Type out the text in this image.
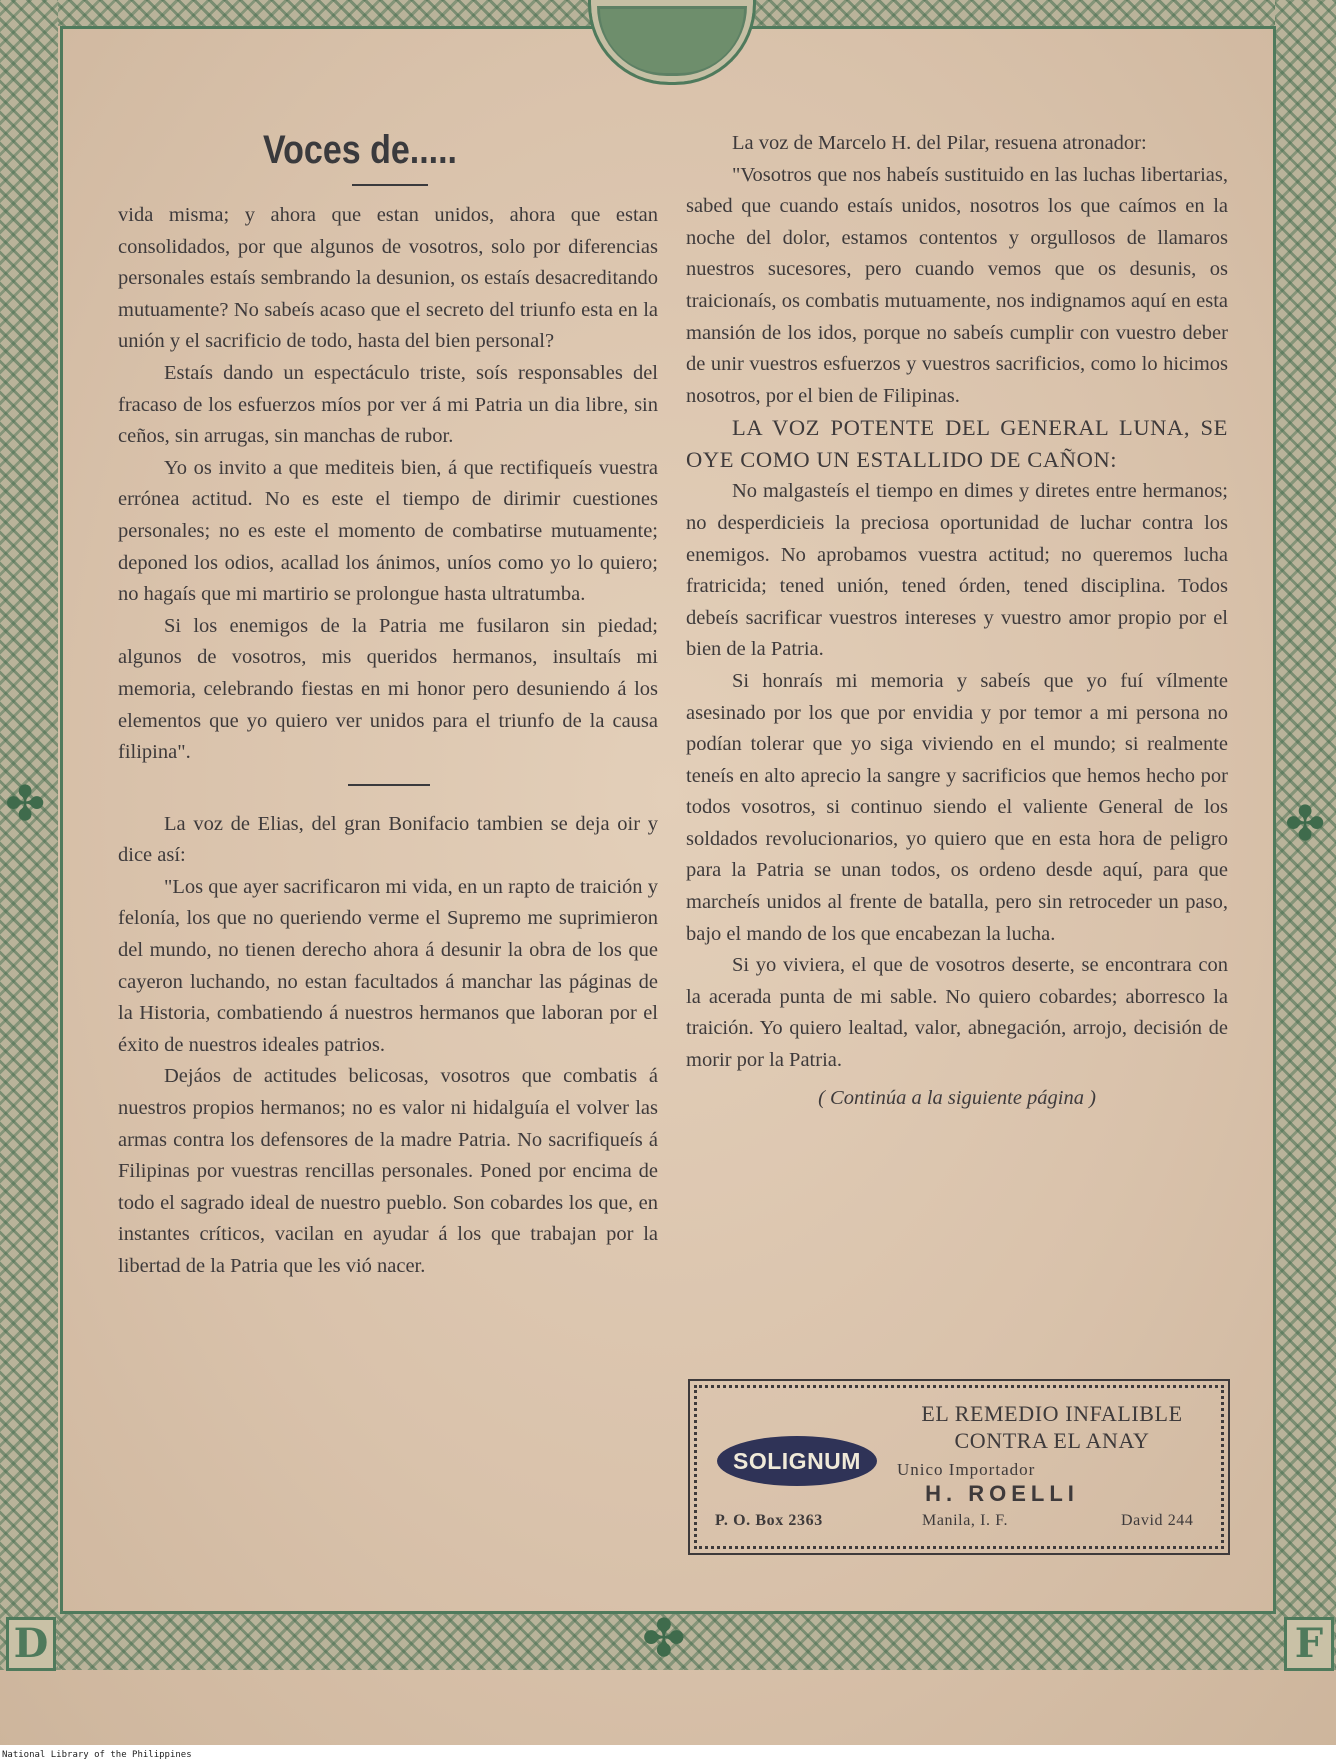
D	F
✤	✤
✤
Voces de.....

vida misma; y ahora que estan unidos, ahora que estan consolidados, por que algunos de vosotros, solo por diferencias personales estaís sembrando la desunion, os estaís desacreditando mutuamente? No sabeís acaso que el secreto del triunfo esta en la unión y el sacrificio de todo, hasta del bien personal?

Estaís dando un espectáculo triste, soís responsables del fracaso de los esfuerzos míos por ver á mi Patria un dia libre, sin ceños, sin arrugas, sin manchas de rubor.

Yo os invito a que mediteis bien, á que rectifiqueís vuestra errónea actitud. No es este el tiempo de dirimir cuestiones personales; no es este el momento de combatirse mutuamente; deponed los odios, acallad los ánimos, uníos como yo lo quiero; no hagaís que mi martirio se prolongue hasta ultratumba.

Si los enemigos de la Patria me fusilaron sin piedad; algunos de vosotros, mis queridos hermanos, insultaís mi memoria, celebrando fiestas en mi honor pero desuniendo á los elementos que yo quiero ver unidos para el triunfo de la causa filipina".

La voz de Elias, del gran Bonifacio tambien se deja oir y dice así:

"Los que ayer sacrificaron mi vida, en un rapto de traición y felonía, los que no queriendo verme el Supremo me suprimieron del mundo, no tienen derecho ahora á desunir la obra de los que cayeron luchando, no estan facultados á manchar las páginas de la Historia, combatiendo á nuestros hermanos que laboran por el éxito de nuestros ideales patrios.

Dejáos de actitudes belicosas, vosotros que combatis á nuestros propios hermanos; no es valor ni hidalguía el volver las armas contra los defensores de la madre Patria. No sacrifiqueís á Filipinas por vuestras rencillas personales. Poned por encima de todo el sagrado ideal de nuestro pueblo. Son cobardes los que, en instantes críticos, vacilan en ayudar á los que trabajan por la libertad de la Patria que les vió nacer.

La voz de Marcelo H. del Pilar, resuena atronador:

"Vosotros que nos habeís sustituido en las luchas libertarias, sabed que cuando estaís unidos, nosotros los que caímos en la noche del dolor, estamos contentos y orgullosos de llamaros nuestros sucesores, pero cuando vemos que os desunis, os traicionaís, os combatis mutuamente, nos indignamos aquí en esta mansión de los idos, porque no sabeís cumplir con vuestro deber de unir vuestros esfuerzos y vuestros sacrificios, como lo hicimos nosotros, por el bien de Filipinas.

LA VOZ POTENTE DEL GENERAL LUNA, SE OYE COMO UN ESTALLIDO DE CAÑON:

No malgasteís el tiempo en dimes y diretes entre hermanos; no desperdicieis la preciosa oportunidad de luchar contra los enemigos. No aprobamos vuestra actitud; no queremos lucha fratricida; tened unión, tened órden, tened disciplina. Todos debeís sacrificar vuestros intereses y vuestro amor propio por el bien de la Patria.

Si honraís mi memoria y sabeís que yo fuí vílmente asesinado por los que por envidia y por temor a mi persona no podían tolerar que yo siga viviendo en el mundo; si realmente teneís en alto aprecio la sangre y sacrificios que hemos hecho por todos vosotros, si continuo siendo el valiente General de los soldados revolucionarios, yo quiero que en esta hora de peligro para la Patria se unan todos, os ordeno desde aquí, para que marcheís unidos al frente de batalla, pero sin retroceder un paso, bajo el mando de los que encabezan la lucha.

Si yo viviera, el que de vosotros deserte, se encontrara con la acerada punta de mi sable. No quiero cobardes; aborresco la traición. Yo quiero lealtad, valor, abnegación, arrojo, decisión de morir por la Patria.

( Continúa a la siguiente página )

SOLIGNUM
EL REMEDIO INFALIBLE
CONTRA EL ANAY
Unico Importador
H. ROELLI
P. O. Box 2363	Manila, I. F.	David 244
National Library of the Philippines
